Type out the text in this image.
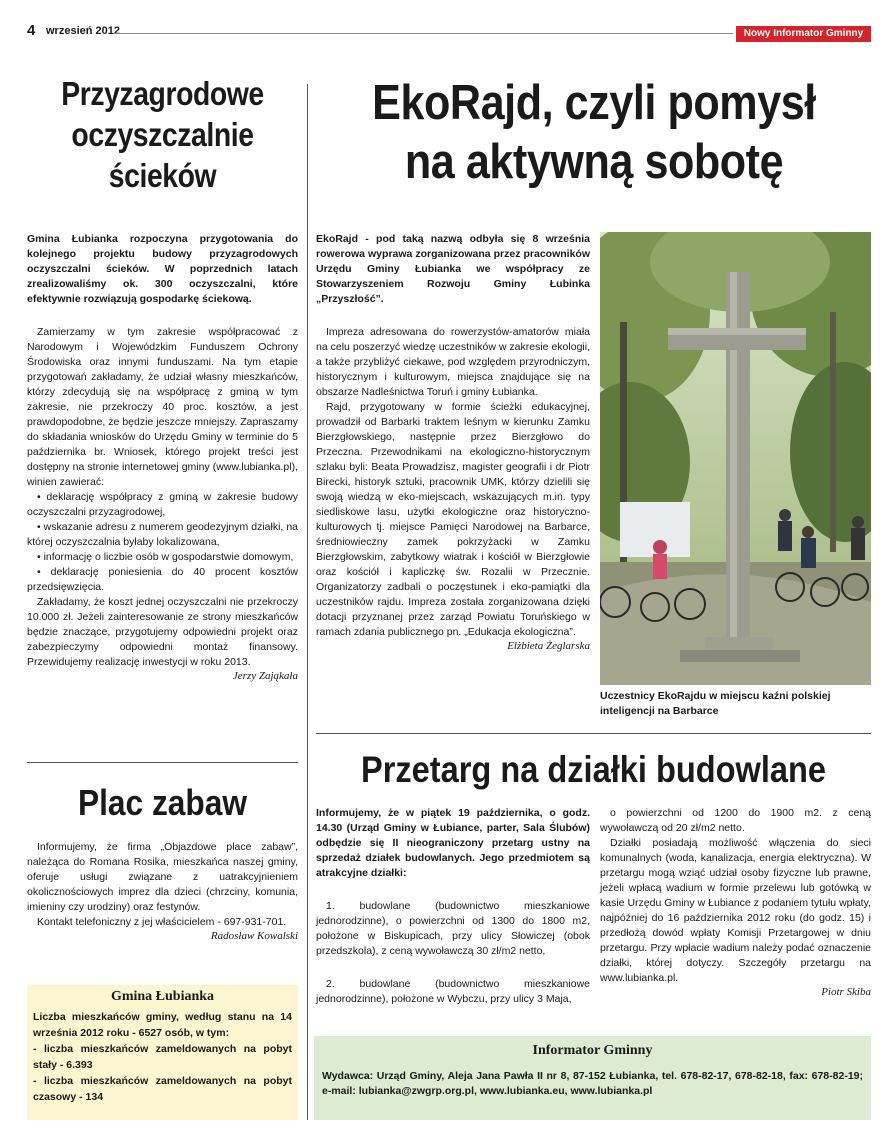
4 wrzesień 2012	Nowy Informator Gminny
Przyzagrodowe oczyszczalnie ścieków

Gmina Łubianka rozpoczyna przygotowania do kolejnego projektu budowy przyzagrodowych oczyszczalni ścieków. W poprzednich latach zrealizowaliśmy ok. 300 oczyszczalni, które efektywnie rozwiązują gospodarkę ściekową.

Zamierzamy w tym zakresie współpracować z Narodowym i Wojewódzkim Funduszem Ochrony Środowiska oraz innymi funduszami. Na tym etapie przygotowań zakładamy, że udział własny mieszkańców, którzy zdecydują się na współpracę z gminą w tym zakresie, nie przekroczy 40 proc. kosztów, a jest prawdopodobne, że będzie jeszcze mniejszy. Zapraszamy do składania wniosków do Urzędu Gminy w terminie do 5 października br. Wniosek, którego projekt treści jest dostępny na stronie internetowej gminy (www.lubianka.pl), winien zawierać:

• deklarację współpracy z gminą w zakresie budowy oczyszczalni przyzagrodowej,

• wskazanie adresu z numerem geodezyjnym działki, na której oczyszczalnia byłaby lokalizowana,

• informację o liczbie osób w gospodarstwie domowym,

• deklarację poniesienia do 40 procent kosztów przedsięwzięcia.

Zakładamy, że koszt jednej oczyszczalni nie przekroczy 10.000 zł. Jeżeli zainteresowanie ze strony mieszkańców będzie znaczące, przygotujemy odpowiedni projekt oraz zabezpieczymy odpowiedni montaż finansowy. Przewidujemy realizację inwestycji w roku 2013.

Jerzy Zająkała

Plac zabaw

Informujemy, że firma „Objazdowe place zabaw”, należąca do Romana Rosika, mieszkańca naszej gminy, oferuje usługi związane z uatrakcyjnieniem okolicznościowych imprez dla dzieci (chrzciny, komunia, imieniny czy urodziny) oraz festynów.

Kontakt telefoniczny z jej właścicielem - 697-931-701.

Radosław Kowalski

Gmina Łubianka

Liczba mieszkańców gminy, według stanu na 14 września 2012 roku - 6527 osób, w tym:

- liczba mieszkańców zameldowanych na pobyt stały - 6.393

- liczba mieszkańców zameldowanych na pobyt czasowy - 134

EkoRajd, czyli pomysł na aktywną sobotę

EkoRajd - pod taką nazwą odbyła się 8 września rowerowa wyprawa zorganizowana przez pracowników Urzędu Gminy Łubianka we współpracy ze Stowarzyszeniem Rozwoju Gminy Łubinka „Przyszłość”.

Impreza adresowana do rowerzystów-amatorów miała na celu poszerzyć wiedzę uczestników w zakresie ekologii, a także przybliżyć ciekawe, pod względem przyrodniczym, historycznym i kulturowym, miejsca znajdujące się na obszarze Nadleśnictwa Toruń i gminy Łubianka.

Rajd, przygotowany w formie ścieżki edukacyjnej, prowadził od Barbarki traktem leśnym w kierunku Zamku Bierzgłowskiego, następnie przez Bierzgłowo do Przeczna. Przewodnikami na ekologiczno-historycznym szlaku byli: Beata Prowadzisz, magister geografii i dr Piotr Birecki, historyk sztuki, pracownik UMK, którzy dzielili się swoją wiedzą w eko-miejscach, wskazujących m.in. typy siedliskowe lasu, użytki ekologiczne oraz historyczno-kulturowych tj. miejsce Pamięci Narodowej na Barbarce, średniowieczny zamek pokrzyżacki w Zamku Bierzgłowskim, zabytkowy wiatrak i kościół w Bierzgłowie oraz kościół i kapliczkę św. Rozalii w Przecznie. Organizatorzy zadbali o poczęstunek i eko-pamiątki dla uczestników rajdu. Impreza została zorganizowana dzięki dotacji przyznanej przez zarząd Powiatu Toruńskiego w ramach zdania publicznego pn. „Edukacja ekologiczna”.

Elżbieta Żeglarska

Uczestnicy EkoRajdu w miejscu kaźni polskiej inteligencji na Barbarce

Przetarg na działki budowlane

Informujemy, że w piątek 19 października, o godz. 14.30 (Urząd Gminy w Łubiance, parter, Sala Ślubów) odbędzie się II nieograniczony przetarg ustny na sprzedaż działek budowlanych. Jego przedmiotem są atrakcyjne działki:

1. budowlane (budownictwo mieszkaniowe jednorodzinne), o powierzchni od 1300 do 1800 m2, położone w Biskupicach, przy ulicy Słowiczej (obok przedszkola), z ceną wywoławczą 30 zł/m2 netto,

2. budowlane (budownictwo mieszkaniowe jednorodzinne), położone w Wybczu, przy ulicy 3 Maja,

o powierzchni od 1200 do 1900 m2. z ceną wywoławczą od 20 zł/m2 netto.

Działki posiadają możliwość włączenia do sieci komunalnych (woda, kanalizacja, energia elektryczna). W przetargu mogą wziąć udział osoby fizyczne lub prawne, jeżeli wpłacą wadium w formie przelewu lub gotówką w kasie Urzędu Gminy w Łubiance z podaniem tytułu wpłaty, najpóźniej do 16 października 2012 roku (do godz. 15) i przedłożą dowód wpłaty Komisji Przetargowej w dniu przetargu. Przy wpłacie wadium należy podać oznaczenie działki, której dotyczy. Szczegóły przetargu na www.lubianka.pl.

Piotr Skiba

Informator Gminny

Wydawca: Urząd Gminy, Aleja Jana Pawła II nr 8, 87-152 Łubianka, tel. 678-82-17, 678-82-18, fax: 678-82-19; e-mail: lubianka@zwgrp.org.pl, www.lubianka.eu, www.lubianka.pl
